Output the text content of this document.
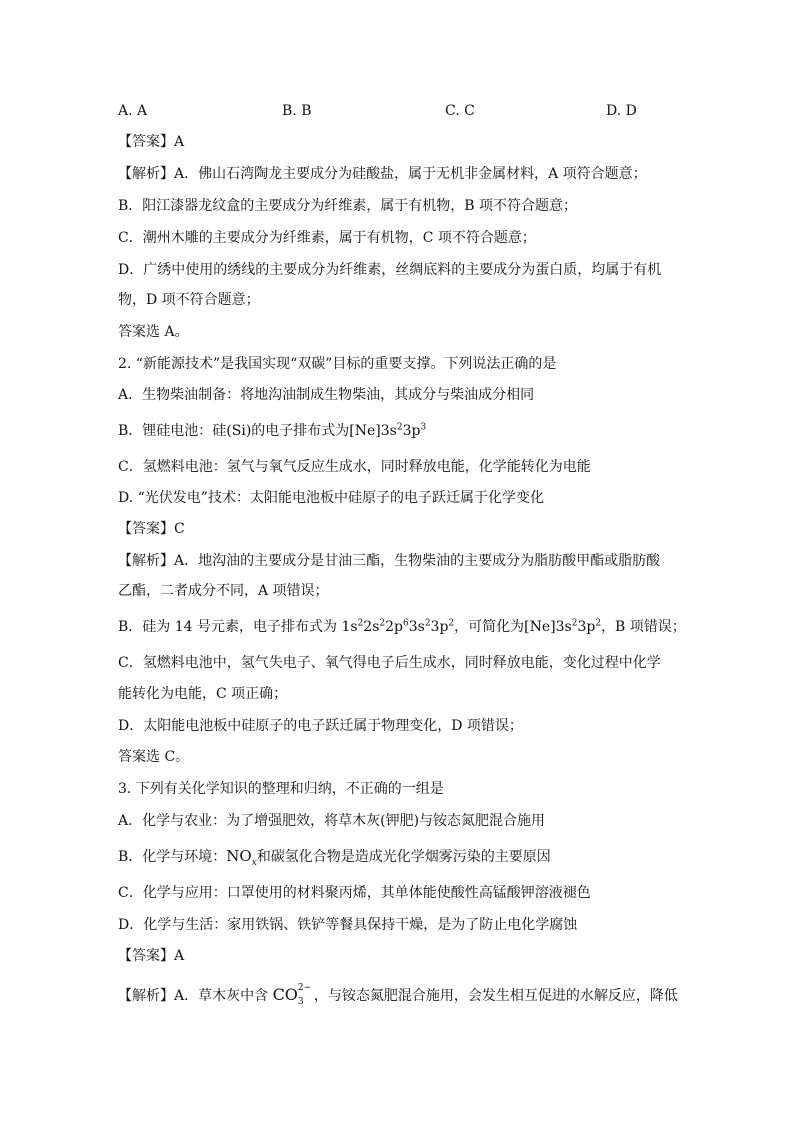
A. A	B. B	C. C	D. D
【答案】A
【解析】A．佛山石湾陶龙主要成分为硅酸盐，属于无机非金属材料，A 项符合题意；
B．阳江漆器龙纹盒的主要成分为纤维素，属于有机物，B 项不符合题意；
C．潮州木雕的主要成分为纤维素，属于有机物，C 项不符合题意；
D．广绣中使用的绣线的主要成分为纤维素，丝绸底料的主要成分为蛋白质，均属于有机
物，D 项不符合题意；
答案选 A。
2. “新能源技术”是我国实现“双碳”目标的重要支撑。下列说法正确的是
A．生物柴油制备：将地沟油制成生物柴油，其成分与柴油成分相同
B．锂硅电池：硅(Si)的电子排布式为$[Ne]3s^23p^3$
C．氢燃料电池：氢气与氧气反应生成水，同时释放电能，化学能转化为电能
D. “光伏发电”技术：太阳能电池板中硅原子的电子跃迁属于化学变化
【答案】C
【解析】A．地沟油的主要成分是甘油三酯，生物柴油的主要成分为脂肪酸甲酯或脂肪酸
乙酯，二者成分不同，A 项错误；
B．硅为 14 号元素，电子排布式为 $1s^22s^22p^63s^23p^2$，可简化为$[Ne]3s^23p^2$，B 项错误；
C．氢燃料电池中，氢气失电子、氧气得电子后生成水，同时释放电能，变化过程中化学
能转化为电能，C 项正确；
D．太阳能电池板中硅原子的电子跃迁属于物理变化，D 项错误；
答案选 C。
3. 下列有关化学知识的整理和归纳，不正确的一组是
A．化学与农业：为了增强肥效，将草木灰(钾肥)与铵态氮肥混合施用
B．化学与环境：$NO_x$和碳氢化合物是造成光化学烟雾污染的主要原因
C．化学与应用：口罩使用的材料聚丙烯，其单体能使酸性高锰酸钾溶液褪色
D．化学与生活：家用铁锅、铁铲等餐具保持干燥，是为了防止电化学腐蚀
【答案】A
【解析】A．草木灰中含 CO 2−
3 ，与铵态氮肥混合施用，会发生相互促进的水解反应，降低
